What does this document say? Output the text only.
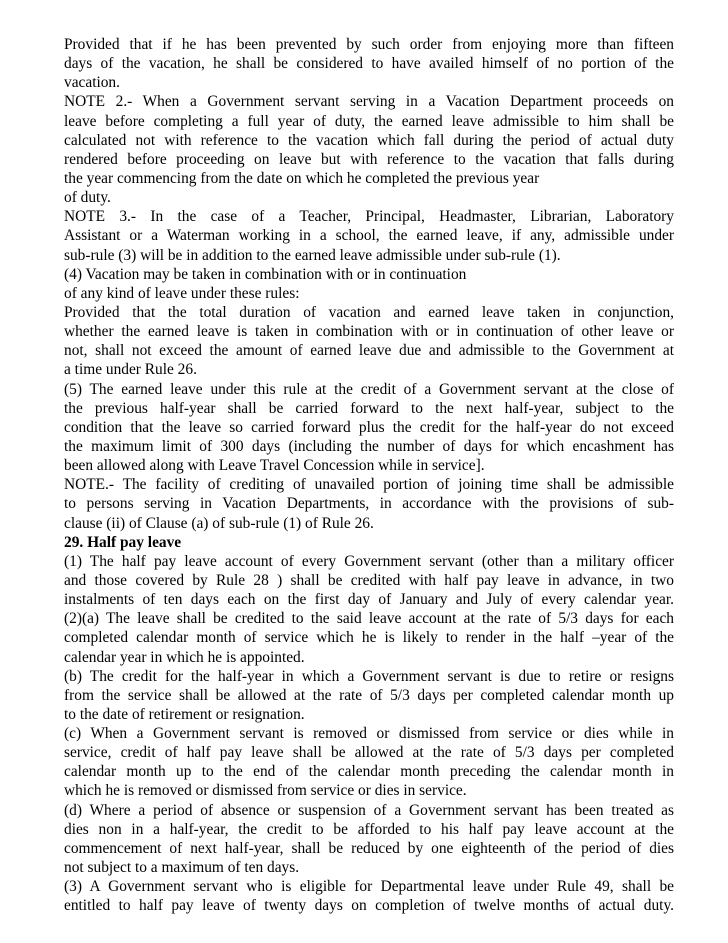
Provided that if he has been prevented by such order from enjoying more than fifteen
days of the vacation, he shall be considered to have availed himself of no portion of the
vacation.
NOTE 2.- When a Government servant serving in a Vacation Department proceeds on
leave before completing a full year of duty, the earned leave admissible to him shall be
calculated not with reference to the vacation which fall during the period of actual duty
rendered before proceeding on leave but with reference to the vacation that falls during
the year commencing from the date on which he completed the previous year
of duty.
NOTE 3.- In the case of a Teacher, Principal, Headmaster, Librarian, Laboratory
Assistant or a Waterman working in a school, the earned leave, if any, admissible under
sub-rule (3) will be in addition to the earned leave admissible under sub-rule (1).
(4) Vacation may be taken in combination with or in continuation
of any kind of leave under these rules:
Provided that the total duration of vacation and earned leave taken in conjunction,
whether the earned leave is taken in combination with or in continuation of other leave or
not, shall not exceed the amount of earned leave due and admissible to the Government at
a time under Rule 26.
(5) The earned leave under this rule at the credit of a Government servant at the close of
the previous half-year shall be carried forward to the next half-year, subject to the
condition that the leave so carried forward plus the credit for the half-year do not exceed
the maximum limit of 300 days (including the number of days for which encashment has
been allowed along with Leave Travel Concession while in service].
NOTE.- The facility of crediting of unavailed portion of joining time shall be admissible
to persons serving in Vacation Departments, in accordance with the provisions of sub-
clause (ii) of Clause (a) of sub-rule (1) of Rule 26.
29. Half pay leave
(1) The half pay leave account of every Government servant (other than a military officer
and those covered by Rule 28 ) shall be credited with half pay leave in advance, in two
instalments of ten days each on the first day of January and July of every calendar year.
(2)(a) The leave shall be credited to the said leave account at the rate of 5/3 days for each
completed calendar month of service which he is likely to render in the half –year of the
calendar year in which he is appointed.
(b) The credit for the half-year in which a Government servant is due to retire or resigns
from the service shall be allowed at the rate of 5/3 days per completed calendar month up
to the date of retirement or resignation.
(c) When a Government servant is removed or dismissed from service or dies while in
service, credit of half pay leave shall be allowed at the rate of 5/3 days per completed
calendar month up to the end of the calendar month preceding the calendar month in
which he is removed or dismissed from service or dies in service.
(d) Where a period of absence or suspension of a Government servant has been treated as
dies non in a half-year, the credit to be afforded to his half pay leave account at the
commencement of next half-year, shall be reduced by one eighteenth of the period of dies
not subject to a maximum of ten days.
(3) A Government servant who is eligible for Departmental leave under Rule 49, shall be
entitled to half pay leave of twenty days on completion of twelve months of actual duty.
